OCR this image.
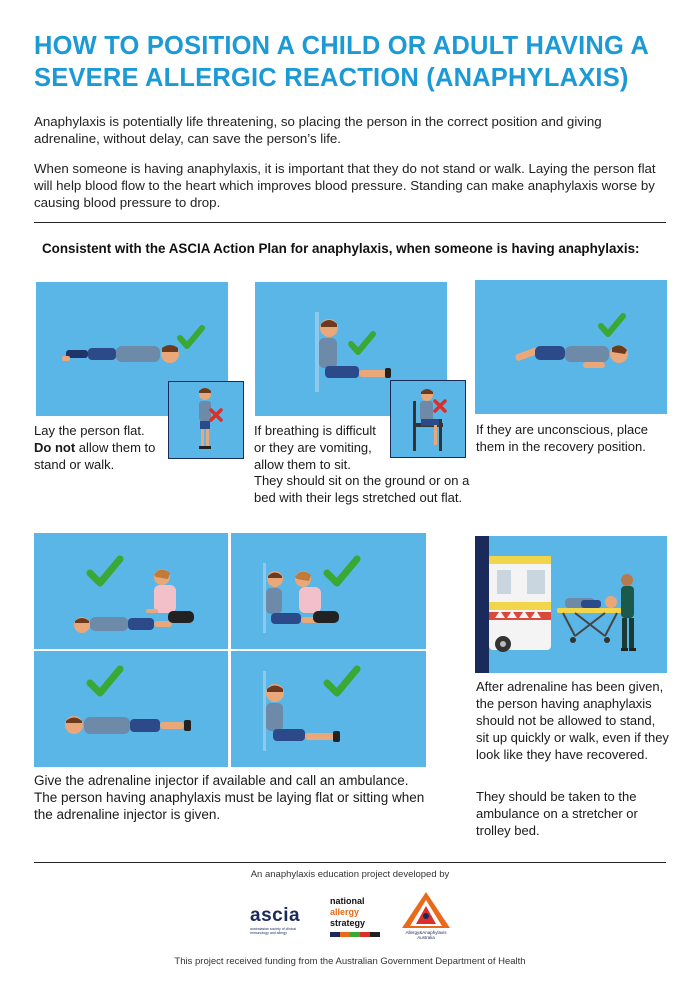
HOW TO POSITION A CHILD OR ADULT HAVING A
SEVERE ALLERGIC REACTION (ANAPHYLAXIS)
Anaphylaxis is potentially life threatening, so placing the person in the correct position and giving adrenaline, without delay, can save the person’s life.
When someone is having anaphylaxis, it is important that they do not stand or walk. Laying the person flat will help blood flow to the heart which improves blood pressure. Standing can make anaphylaxis worse by causing blood pressure to drop.
Consistent with the ASCIA Action Plan for anaphylaxis, when someone is having anaphylaxis:
Lay the person flat. Do not allow them to stand or walk.
If breathing is difficult or they are vomiting, allow them to sit.
They should sit on the ground or on a bed with their legs stretched out flat.
If they are unconscious, place them in the recovery position.
Give the adrenaline injector if available and call an ambulance. The person having anaphylaxis must be laying flat or sitting when the adrenaline injector is given.
After adrenaline has been given, the person having anaphylaxis should not be allowed to stand, sit up quickly or walk, even if they look like they have recovered.
They should be taken to the ambulance on a stretcher or trolley bed.
An anaphylaxis education project developed by
ascia
australasian society of clinical immunology and allergy
national
allergy
strategy
Allergy&Anaphylaxis Australia
This project received funding from the Australian Government Department of Health
